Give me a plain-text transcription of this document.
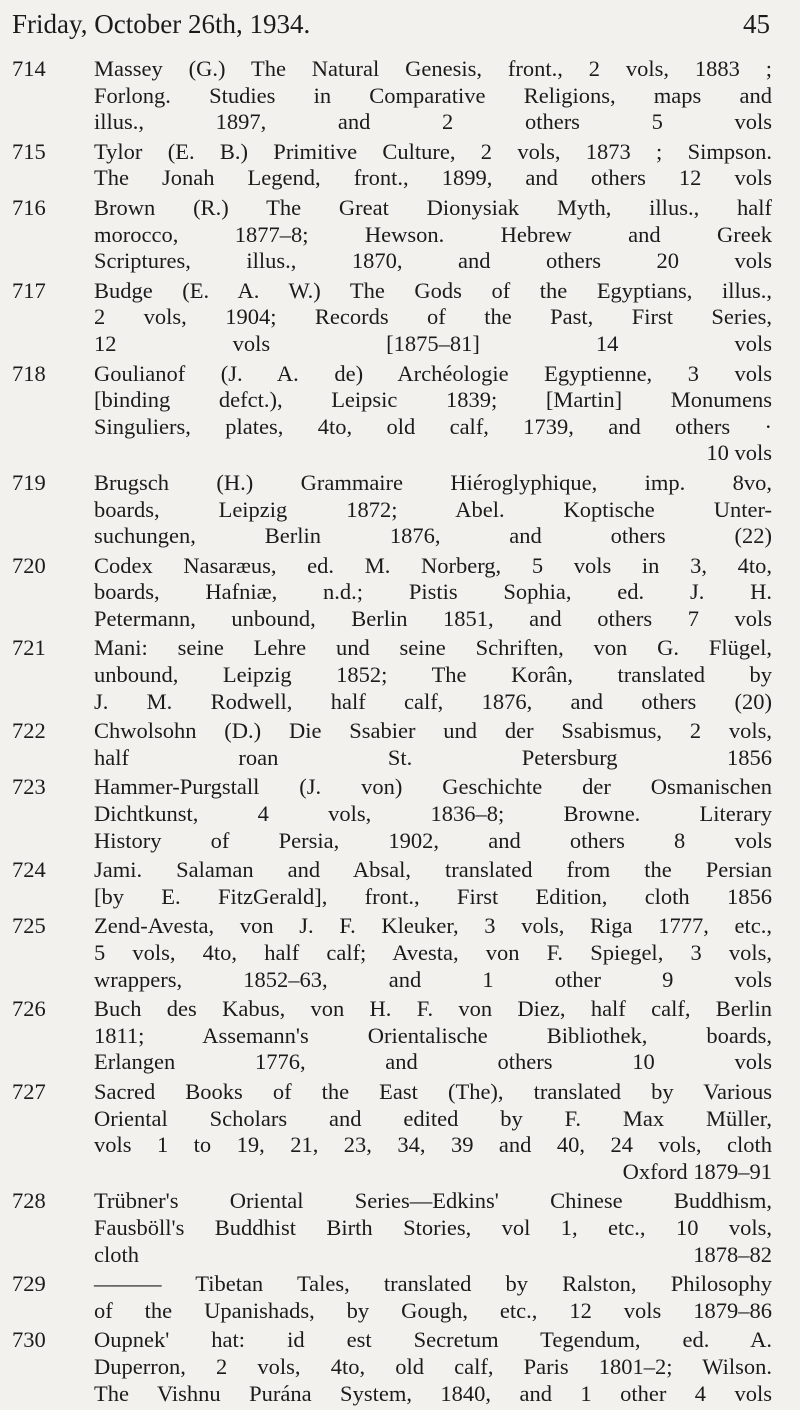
Friday, October 26th, 1934.	45
714	Massey (G.) The Natural Genesis, front., 2 vols, 1883 ;
Forlong. Studies in Comparative Religions, maps and
illus., 1897, and 2 others 5 vols
715	Tylor (E. B.) Primitive Culture, 2 vols, 1873 ; Simpson.
The Jonah Legend, front., 1899, and others 12 vols
716	Brown (R.) The Great Dionysiak Myth, illus., half
morocco, 1877–8; Hewson. Hebrew and Greek
Scriptures, illus., 1870, and others 20 vols
717	Budge (E. A. W.) The Gods of the Egyptians, illus.,
2 vols, 1904; Records of the Past, First Series,
12 vols [1875–81] 14 vols
718	Goulianof (J. A. de) Archéologie Egyptienne, 3 vols
[binding defct.), Leipsic 1839; [Martin] Monumens
Singuliers, plates, 4to, old calf, 1739, and others ·
10 vols
719	Brugsch (H.) Grammaire Hiéroglyphique, imp. 8vo,
boards, Leipzig 1872; Abel. Koptische Unter-
suchungen, Berlin 1876, and others (22)
720	Codex Nasaræus, ed. M. Norberg, 5 vols in 3, 4to,
boards, Hafniæ, n.d.; Pistis Sophia, ed. J. H.
Petermann, unbound, Berlin 1851, and others 7 vols
721	Mani: seine Lehre und seine Schriften, von G. Flügel,
unbound, Leipzig 1852; The Korân, translated by
J. M. Rodwell, half calf, 1876, and others (20)
722	Chwolsohn (D.) Die Ssabier und der Ssabismus, 2 vols,
half roan St. Petersburg 1856
723	Hammer-Purgstall (J. von) Geschichte der Osmanischen
Dichtkunst, 4 vols, 1836–8; Browne. Literary
History of Persia, 1902, and others 8 vols
724	Jami. Salaman and Absal, translated from the Persian
[by E. FitzGerald], front., First Edition, cloth 1856
725	Zend-Avesta, von J. F. Kleuker, 3 vols, Riga 1777, etc.,
5 vols, 4to, half calf; Avesta, von F. Spiegel, 3 vols,
wrappers, 1852–63, and 1 other 9 vols
726	Buch des Kabus, von H. F. von Diez, half calf, Berlin
1811; Assemann's Orientalische Bibliothek, boards,
Erlangen 1776, and others 10 vols
727	Sacred Books of the East (The), translated by Various
Oriental Scholars and edited by F. Max Müller,
vols 1 to 19, 21, 23, 34, 39 and 40, 24 vols, cloth
Oxford 1879–91
728	Trübner's Oriental Series—Edkins' Chinese Buddhism,
Fausböll's Buddhist Birth Stories, vol 1, etc., 10 vols,
cloth 1878–82
729	——— Tibetan Tales, translated by Ralston, Philosophy
of the Upanishads, by Gough, etc., 12 vols 1879–86
730	Oupnek' hat: id est Secretum Tegendum, ed. A.
Duperron, 2 vols, 4to, old calf, Paris 1801–2; Wilson.
The Vishnu Purána System, 1840, and 1 other 4 vols
